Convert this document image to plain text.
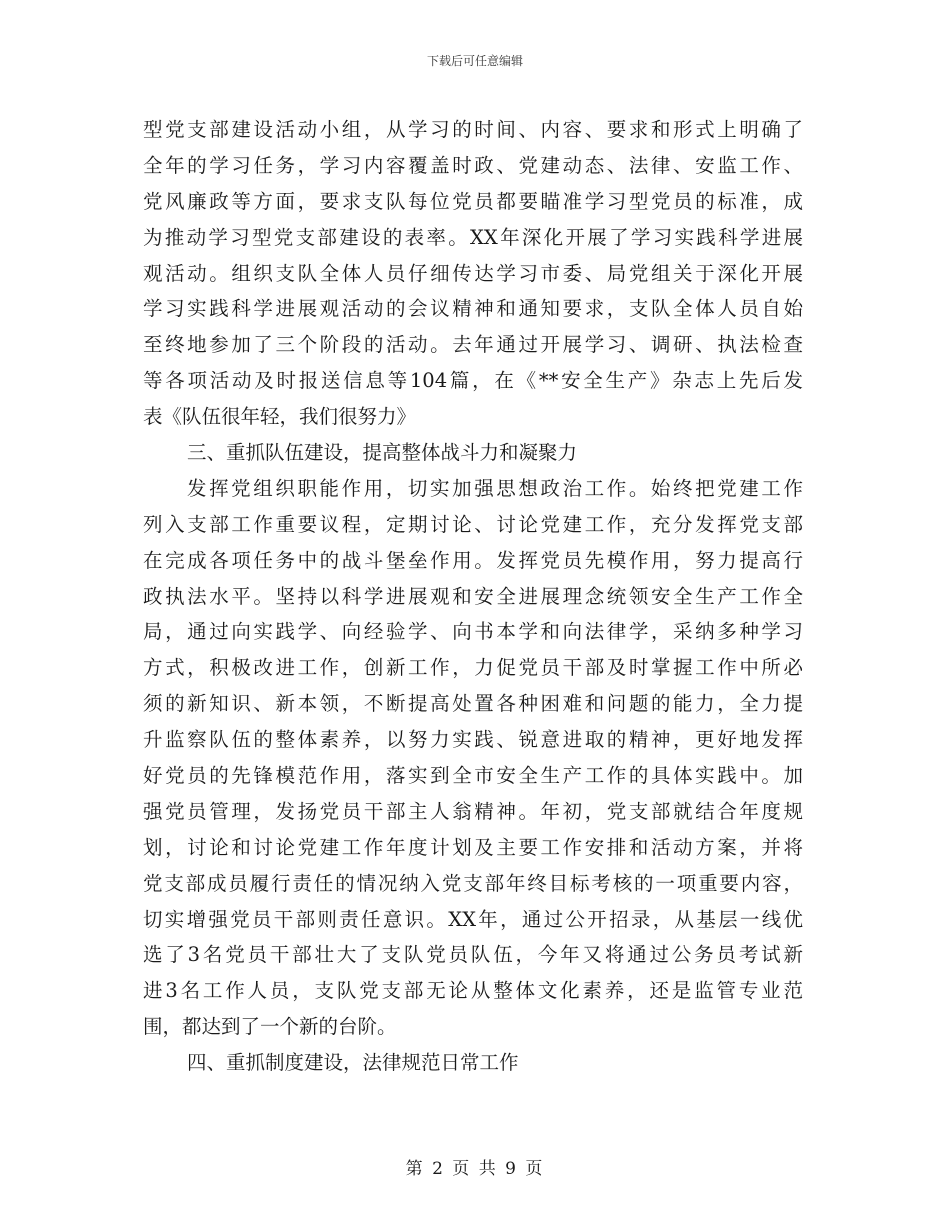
下载后可任意编辑
型党支部建设活动小组，从学习的时间、内容、要求和形式上明确了
全年的学习任务，学习内容覆盖时政、党建动态、法律、安监工作、
党风廉政等方面，要求支队每位党员都要瞄准学习型党员的标准，成
为推动学习型党支部建设的表率。XX年深化开展了学习实践科学进展
观活动。组织支队全体人员仔细传达学习市委、局党组关于深化开展
学习实践科学进展观活动的会议精神和通知要求，支队全体人员自始
至终地参加了三个阶段的活动。去年通过开展学习、调研、执法检查
等各项活动及时报送信息等104篇，在《**安全生产》杂志上先后发
表《队伍很年轻，我们很努力》
三、重抓队伍建设，提高整体战斗力和凝聚力
发挥党组织职能作用，切实加强思想政治工作。始终把党建工作
列入支部工作重要议程，定期讨论、讨论党建工作，充分发挥党支部
在完成各项任务中的战斗堡垒作用。发挥党员先模作用，努力提高行
政执法水平。坚持以科学进展观和安全进展理念统领安全生产工作全
局，通过向实践学、向经验学、向书本学和向法律学，采纳多种学习
方式，积极改进工作，创新工作，力促党员干部及时掌握工作中所必
须的新知识、新本领，不断提高处置各种困难和问题的能力，全力提
升监察队伍的整体素养，以努力实践、锐意进取的精神，更好地发挥
好党员的先锋模范作用，落实到全市安全生产工作的具体实践中。加
强党员管理，发扬党员干部主人翁精神。年初，党支部就结合年度规
划，讨论和讨论党建工作年度计划及主要工作安排和活动方案，并将
党支部成员履行责任的情况纳入党支部年终目标考核的一项重要内容，
切实增强党员干部则责任意识。XX年，通过公开招录，从基层一线优
选了3名党员干部壮大了支队党员队伍，今年又将通过公务员考试新
进3名工作人员，支队党支部无论从整体文化素养，还是监管专业范
围，都达到了一个新的台阶。
四、重抓制度建设，法律规范日常工作
第 2 页 共 9 页
